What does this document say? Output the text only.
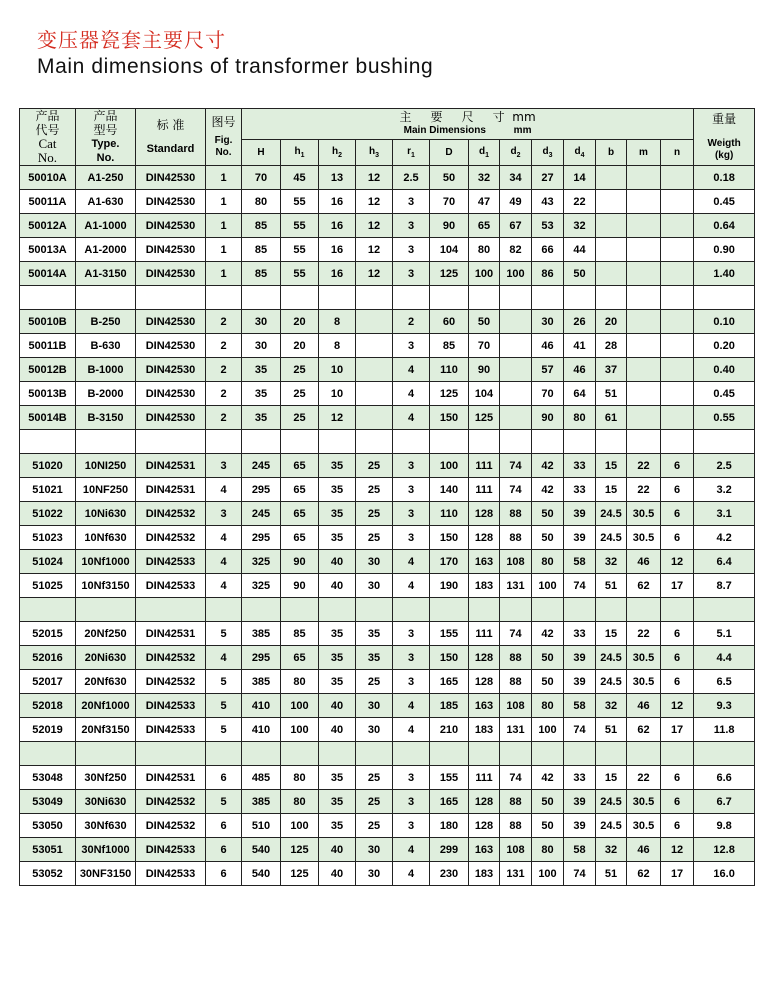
变压器瓷套主要尺寸
Main dimensions of transformer bushing
产品
代号
Cat
No.	产品
型号
Type.
No.	标 准
Standard	图号
Fig.
No.	主     要     尺     寸  mm
Main Dimensions          mm													重量
Weigth
(kg)

				H	$h_1$	$h_2$	$h_3$	$r_1$	D	$d_1$	$d_2$	$d_3$	$d_4$	b	m	n	
50010A	A1-250	DIN42530	1	70	45	13	12	2.5	50	32	34	27	14				0.18
50011A	A1-630	DIN42530	1	80	55	16	12	3	70	47	49	43	22				0.45
50012A	A1-1000	DIN42530	1	85	55	16	12	3	90	65	67	53	32				0.64
50013A	A1-2000	DIN42530	1	85	55	16	12	3	104	80	82	66	44				0.90
50014A	A1-3150	DIN42530	1	85	55	16	12	3	125	100	100	86	50				1.40

50010B	B-250	DIN42530	2	30	20	8		2	60	50		30	26	20			0.10
50011B	B-630	DIN42530	2	30	20	8		3	85	70		46	41	28			0.20
50012B	B-1000	DIN42530	2	35	25	10		4	110	90		57	46	37			0.40
50013B	B-2000	DIN42530	2	35	25	10		4	125	104		70	64	51			0.45
50014B	B-3150	DIN42530	2	35	25	12		4	150	125		90	80	61			0.55

51020	10NI250	DIN42531	3	245	65	35	25	3	100	111	74	42	33	15	22	6	2.5
51021	10NF250	DIN42531	4	295	65	35	25	3	140	111	74	42	33	15	22	6	3.2
51022	10Ni630	DIN42532	3	245	65	35	25	3	110	128	88	50	39	24.5	30.5	6	3.1
51023	10Nf630	DIN42532	4	295	65	35	25	3	150	128	88	50	39	24.5	30.5	6	4.2
51024	10Nf1000	DIN42533	4	325	90	40	30	4	170	163	108	80	58	32	46	12	6.4
51025	10Nf3150	DIN42533	4	325	90	40	30	4	190	183	131	100	74	51	62	17	8.7

52015	20Nf250	DIN42531	5	385	85	35	35	3	155	111	74	42	33	15	22	6	5.1
52016	20Ni630	DIN42532	4	295	65	35	35	3	150	128	88	50	39	24.5	30.5	6	4.4
52017	20Nf630	DIN42532	5	385	80	35	25	3	165	128	88	50	39	24.5	30.5	6	6.5
52018	20Nf1000	DIN42533	5	410	100	40	30	4	185	163	108	80	58	32	46	12	9.3
52019	20Nf3150	DIN42533	5	410	100	40	30	4	210	183	131	100	74	51	62	17	11.8

53048	30Nf250	DIN42531	6	485	80	35	25	3	155	111	74	42	33	15	22	6	6.6
53049	30Ni630	DIN42532	5	385	80	35	25	3	165	128	88	50	39	24.5	30.5	6	6.7
53050	30Nf630	DIN42532	6	510	100	35	25	3	180	128	88	50	39	24.5	30.5	6	9.8
53051	30Nf1000	DIN42533	6	540	125	40	30	4	299	163	108	80	58	32	46	12	12.8
53052	30NF3150	DIN42533	6	540	125	40	30	4	230	183	131	100	74	51	62	17	16.0
